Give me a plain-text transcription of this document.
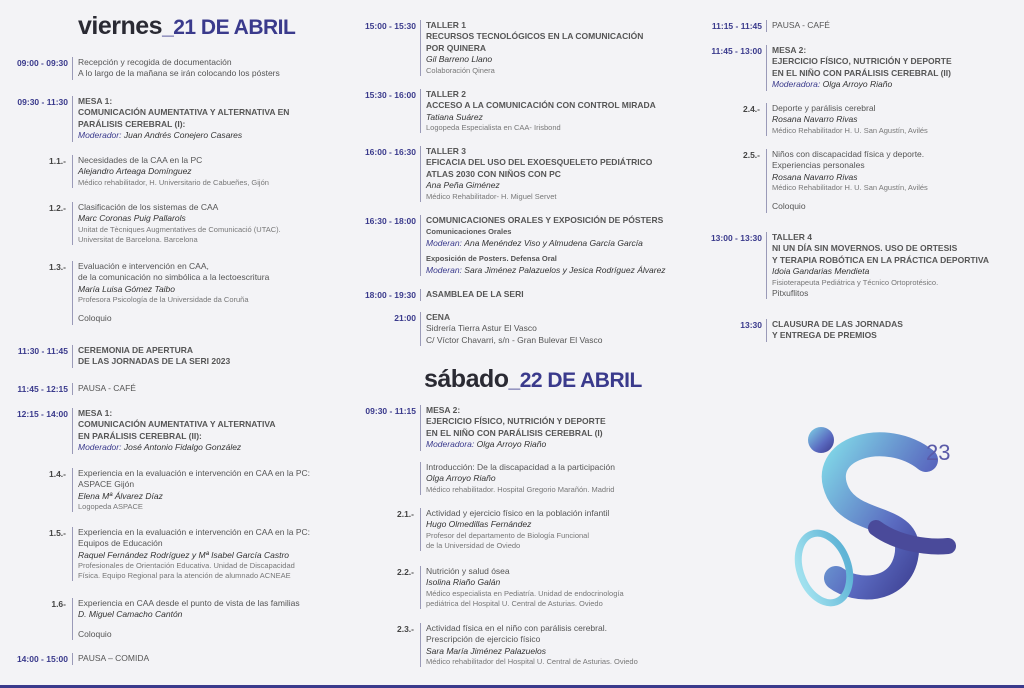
viernes_21 DE ABRIL
09:00 - 09:30	Recepción y recogida de documentación
A lo largo de la mañana se irán colocando los pósters
09:30 - 11:30	MESA 1:
COMUNICACIÓN AUMENTATIVA Y ALTERNATIVA EN
PARÁLISIS CEREBRAL (I):
Moderador: Juan Andrés Conejero Casares
1.1.-	Necesidades de la CAA en la PC
Alejandro Arteaga Domínguez
Médico rehabilitador, H. Universitario de Cabueñes, Gijón
1.2.-	Clasificación de los sistemas de CAA
Marc Coronas Puig Pallarols
Unitat de Tècniques Augmentatives de Comunicació (UTAC).
Universitat de Barcelona. Barcelona
1.3.-	Evaluación e intervención en CAA,
de la comunicación no simbólica a la lectoescritura
María Luisa Gómez Taibo
Profesora Psicología de la Universidade da Coruña
Coloquio
11:30 - 11:45	CEREMONIA DE APERTURA
DE LAS JORNADAS DE LA SERI 2023
11:45 - 12:15	PAUSA - CAFÉ
12:15 - 14:00	MESA 1:
COMUNICACIÓN AUMENTATIVA Y ALTERNATIVA
EN PARÁLISIS CEREBRAL (II):
Moderador: José Antonio Fidalgo González
1.4.-	Experiencia en la evaluación e intervención en CAA en la PC:
ASPACE Gijón
Elena Mª Álvarez Díaz
Logopeda ASPACE
1.5.-	Experiencia en la evaluación e intervención en CAA en la PC:
Equipos de Educación
Raquel Fernández Rodríguez y Mª Isabel García Castro
Profesionales de Orientación Educativa. Unidad de Discapacidad
Física. Equipo Regional para la atención de alumnado ACNEAE
1.6-	Experiencia en CAA desde el punto de vista de las familias
D. Miguel Camacho Cantón
Coloquio
14:00 - 15:00	PAUSA – COMIDA
15:00 - 15:30	TALLER 1
RECURSOS TECNOLÓGICOS EN LA COMUNICACIÓN
POR QUINERA
Gil Barreno Llano
Colaboración Qinera
15:30 - 16:00	TALLER 2
ACCESO A LA COMUNICACIÓN CON CONTROL MIRADA
Tatiana Suárez
Logopeda Especialista en CAA- Irisbond
16:00 - 16:30	TALLER 3
EFICACIA DEL USO DEL EXOESQUELETO PEDIÁTRICO
ATLAS 2030 CON NIÑOS CON PC
Ana Peña Giménez
Médico Rehabilitador- H. Miguel Servet
16:30 - 18:00	COMUNICACIONES ORALES Y EXPOSICIÓN DE PÓSTERS
Comunicaciones Orales
Moderan: Ana Menéndez Viso y Almudena García García
Exposición de Posters. Defensa Oral
Moderan: Sara Jiménez Palazuelos y Jesica Rodríguez Álvarez
18:00 - 19:30	ASAMBLEA DE LA SERI
21:00	CENA
Sidrería Tierra Astur El Vasco
C/ Víctor Chavarri, s/n - Gran Bulevar El Vasco
sábado_22 DE ABRIL
09:30 - 11:15	MESA 2:
EJERCICIO FÍSICO, NUTRICIÓN Y DEPORTE
EN EL NIÑO CON PARÁLISIS CEREBRAL (I)
Moderadora: Olga Arroyo Riaño
Introducción: De la discapacidad a la participación
Olga Arroyo Riaño
Médico rehabilitador. Hospital Gregorio Marañón. Madrid
2.1.-	Actividad y ejercicio físico en la población infantil
Hugo Olmedillas Fernández
Profesor del departamento de Biología Funcional
de la Universidad de Oviedo
2.2.-	Nutrición y salud ósea
Isolina Riaño Galán
Médico especialista en Pediatría. Unidad de endocrinología
pediátrica del Hospital U. Central de Asturias. Oviedo
2.3.-	Actividad física en el niño con parálisis cerebral.
Prescripción de ejercicio físico
Sara María Jiménez Palazuelos
Médico rehabilitador del Hospital U. Central de Asturias. Oviedo
11:15 - 11:45	PAUSA - CAFÉ
11:45 - 13:00	MESA 2:
EJERCICIO FÍSICO, NUTRICIÓN Y DEPORTE
EN EL NIÑO CON PARÁLISIS CEREBRAL (II)
Moderadora: Olga Arroyo Riaño
2.4.-	Deporte y parálisis cerebral
Rosana Navarro Rivas
Médico Rehabilitador H. U. San Agustín, Avilés
2.5.-	Niños con discapacidad física y deporte.
Experiencias personales
Rosana Navarro Rivas
Médico Rehabilitador H. U. San Agustín, Avilés
Coloquio
13:00 - 13:30	TALLER 4
NI UN DÍA SIN MOVERNOS. USO DE ORTESIS
Y TERAPIA ROBÓTICA EN LA PRÁCTICA DEPORTIVA
Idoia Gandarias Mendieta
Fisioterapeuta Pediátrica y Técnico Ortoprotésico.
Pitxuflitos
13:30	CLAUSURA DE LAS JORNADAS
Y ENTREGA DE PREMIOS
23
